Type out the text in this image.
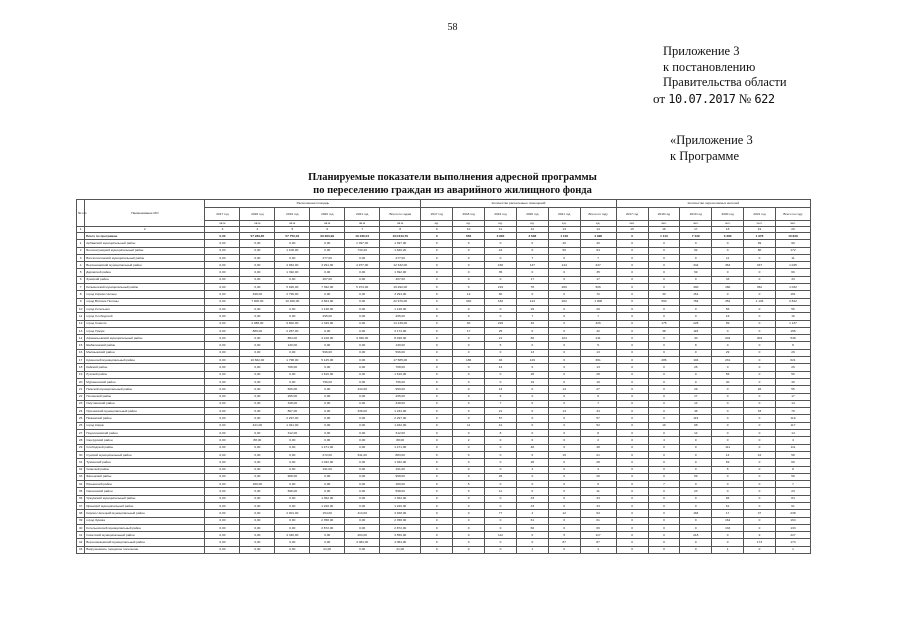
58
Приложение 3
к постановлению
Правительства области
от 10.07.2017 № 622
«Приложение 3
к Программе
Планируемые показатели выполнения адресной программы
по переселению граждан из аварийного жилищного фонда
№ п/п	Наименование МО	Расселенная площадь						Количество расселенных помещений						Количество переселяемых жителей					
		2017 год	2018 год	2019 год	2020 год	2021 год	Всего по годам	2017 год	2018 год	2019 год	2020 год	2021 год	Всего по году	2017 год	2018 год	2019 год	2020 год	2021 год	Всего по году
		кв.м	кв.м	кв.м	кв.м	кв.м	кв.м	ед.	ед.	ед.	ед.	ед.	ед.	чел.	чел.	чел.	чел.	чел.	чел.
1	2	3	4	5	6	7	8	9	10	11	12	13	14	15	16	17	18	19	20
	Всего по программе	0,00	57 289,85	57 750,02	69 900,99	19 238,04	164 843,79	0	656	3 884	3 638	1 100	4 998	0	1 113	7 429	6 380	1 978	16 839
1	Арбажский муниципальный район	0,00	0,00	0,00	0,00	1 397,00	1 397,00	0	0	0	0	40	40	0	0	0	0	99	99
2	Белохолуницкий муниципальный район	0,00	0,00	1 106,00	0,00	740,20	1 846,20	0	0	44	0	50	94	0	0	92	0	80	172
3	Вятскополянский муниципальный район	0,00	0,00	0,00	277,00	0,00	277,00	0	0	0	7	0	7	0	0	0	11	0	11
4	Верхнекамский муниципальный район	0,00	0,00	4 064,00	3 291,00	4 977,00	12 332,00	0	0	166	137	144	447	0	0	344	364	337	1 045
5	Даровской район	0,00	0,00	1 392,00	0,00	0,00	1 392,00	0	0	35	0	0	35	0	0	69	0	0	69
6	Зуевский район	0,00	0,00	0,00	467,00	0,00	467,00	0	0	0	17	0	17	0	0	0	33	0	33
7	Кильмезский муниципальный район	0,00	0,00	5 926,00	7 392,00	5 974,00	19 292,00	0	0	219	78	209	506	0	0	490	180	362	1 032
8	город Кирово-Чепецк	0,00	498,00	2 796,00	0,00	0,00	3 294,00	0	12	60	0	0	72	0	30	151	0	0	181
9	город Вятские Поляны	0,00	7 906,00	10 406,00	4 664,00	0,00	22 976,00	0	340	182	144	202	1 008	0	560	784	352	1 146	2 842
10	город Котельнич	0,00	0,00	0,00	1 148,00	0,00	1 148,00	0	0	0	29	0	29	0	0	0	56	0	56
11	город Слободской	0,00	0,00	0,00	295,00	0,00	295,00	0	0	0	7	0	7	0	0	0	16	0	16
12	город Советск	0,00	2 988,00	9 802,00	1 349,00	0,00	14 139,00	0	60	226	40	0	326	0	175	228	89	0	1 137
13	город Уржум	0,00	886,00	2 287,00	0,00	0,00	3 173,00	0	17	25	0	0	42	0	38	118	0	0	156
14	Афанасьевский муниципальный район	0,00	0,00	884,00	3 218,00	4 396,00	8 498,00	0	0	21	86	104	211	0	0	40	204	304	548
15	Шабалинский район	0,00	0,00	130,00	0,00	0,00	130,00	0	0	5	0	0	5	0	0	8	0	0	8
16	Малмыжский район	0,00	0,00	0,00	596,00	0,00	596,00	0	0	0	13	0	13	0	0	0	29	0	29
17	Куменский муниципальный район	0,00	10 662,00	1 798,00	5 125,00	0,00	17 585,00	0	186	46	129	0	361	0	286	104	231	0	621
18	Кайский район	0,00	0,00	708,00	0,00	0,00	708,00	0	0	13	0	0	13	0	0	26	0	0	26
19	Лузский район	0,00	0,00	0,00	1 616,00	0,00	1 616,00	0	0	0	28	0	28	0	0	0	56	0	56
20	Мурашинский район	0,00	0,00	0,00	796,00	0,00	796,00	0	0	0	19	0	19	0	0	0	40	0	40
21	Немский муниципальный район	0,00	0,00	506,00	0,00	444,00	950,00	0	0	13	0	14	27	0	0	29	0	26	55
22	Нолинский район	0,00	0,00	295,00	0,00	0,00	295,00	0	0	6	0	0	6	0	0	17	0	0	17
23	Омутнинский район	0,00	0,00	348,00	0,00	0,00	348,00	0	0	7	0	0	7	0	0	14	0	0	14
24	Оричевский муниципальный район	0,00	0,00	897,00	0,00	336,00	1 233,00	0	0	21	0	13	34	0	0	46	0	33	79
25	Пижанский район	0,00	0,00	2 297,00	0,00	0,00	2 297,00	0	0	57	0	0	57	0	0	119	0	0	119
26	город Киров	0,00	421,00	1 041,00	0,00	0,00	1 462,00	0	11	41	0	0	52	0	19	98	0	0	117
27	Подосиновский район	0,00	0,00	312,00	0,00	0,00	312,00	0	0	8	0	0	8	0	0	14	0	0	14
28	Санчурский район	0,00	88,00	0,00	0,00	0,00	88,00	0	2	0	0	0	2	0	4	0	0	0	4
29	Слободской район	0,00	0,00	0,00	1 471,00	0,00	1 471,00	0	0	0	48	0	48	0	0	0	111	0	111
30	Сунский муниципальный район	0,00	0,00	0,00	272,00	611,00	883,00	0	0	0	6	15	21	0	0	0	14	44	58
31	Тужинский район	0,00	0,00	0,00	1 032,00	0,00	1 032,00	0	0	0	28	0	28	0	0	0	69	0	69
32	Унинский район	0,00	0,00	0,00	191,00	0,00	191,00	0	0	0	4	0	4	0	0	0	8	0	8
33	Фаленский район	0,00	0,00	968,00	0,00	0,00	968,00	0	0	26	0	0	26	0	0	59	0	0	59
34	Юрьянский район	0,00	180,00	0,00	0,00	0,00	180,00	0	5	0	0	0	5	0	7	0	0	0	7
35	Свечинский район	0,00	0,00	598,00	0,00	0,00	598,00	0	0	11	0	0	11	0	0	23	0	0	23
36	Уржумский муниципальный район	0,00	0,00	0,00	1 362,00	0,00	1 362,00	0	0	0	33	0	33	0	0	0	84	0	84
37	Яранский муниципальный район	0,00	0,00	0,00	1 220,00	0,00	1 220,00	0	0	0	33	0	33	0	0	0	61	0	61
38	Кирово-Чепецкий муниципальный район	0,00	0,00	2 901,00	154,00	413,00	3 468,00	0	0	77	4	12	93	0	0	184	17	37	238
39	город Зуевка	0,00	0,00	0,00	2 358,00	0,00	2 358,00	0	0	0	61	0	61	0	0	0	164	0	164
40	Котельничский муниципальный район	0,00	0,00	0,00	2 872,00	0,00	2 872,00	0	0	0	66	0	66	0	0	0	133	0	133
41	Советский муниципальный район	0,00	0,00	4 346,00	0,00	204,00	4 550,00	0	0	112	0	5	117	0	0	218	0	9	227
42	Верхошижемский муниципальный район	0,00	0,00	0,00	0,00	4 084,00	4 084,00	0	0	0	0	87	87	0	0	0	0	173	173
43	Вахрушевское городское поселение	0,00	0,00	0,00	21,00	0,00	21,00	0	0	0	1	0	1	0	0	0	1	0	1
